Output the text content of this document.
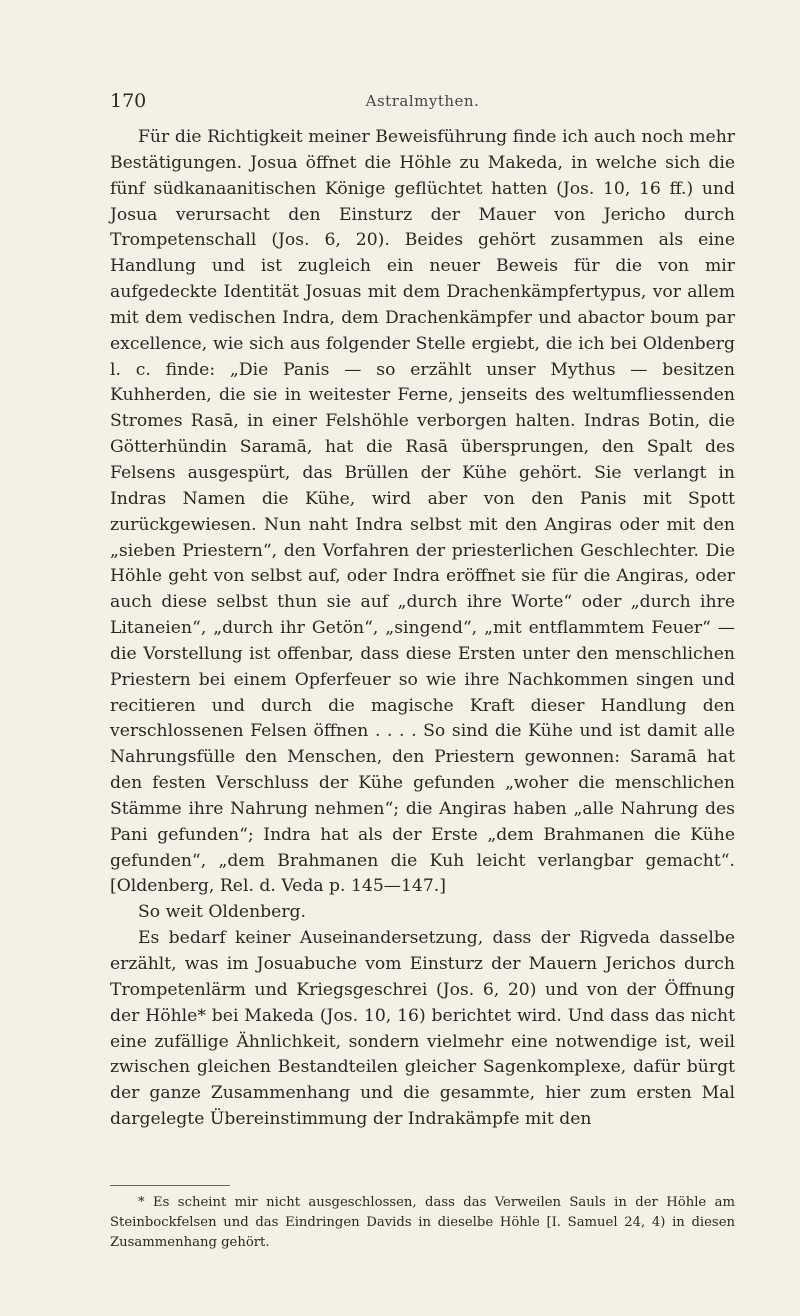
170	Astralmythen.

Für die Richtigkeit meiner Beweisführung finde ich auch noch mehr Bestätigungen. Josua öffnet die Höhle zu Makeda, in welche sich die fünf südkanaanitischen Könige geflüchtet hatten (Jos. 10, 16 ff.) und Josua verursacht den Einsturz der Mauer von Jericho durch Trompetenschall (Jos. 6, 20). Beides gehört zusammen als eine Handlung und ist zugleich ein neuer Beweis für die von mir aufgedeckte Identität Josuas mit dem Drachenkämpfertypus, vor allem mit dem vedischen Indra, dem Drachenkämpfer und abactor boum par excellence, wie sich aus folgender Stelle ergiebt, die ich bei Oldenberg l. c. finde: „Die Panis — so erzählt unser Mythus — besitzen Kuhherden, die sie in weitester Ferne, jenseits des weltumfliessenden Stromes Rasā, in einer Felshöhle verborgen halten. Indras Botin, die Götterhündin Saramā, hat die Rasā übersprungen, den Spalt des Felsens ausgespürt, das Brüllen der Kühe gehört. Sie verlangt in Indras Namen die Kühe, wird aber von den Panis mit Spott zurückgewiesen. Nun naht Indra selbst mit den Angiras oder mit den „sieben Priestern“, den Vorfahren der priesterlichen Geschlechter. Die Höhle geht von selbst auf, oder Indra eröffnet sie für die Angiras, oder auch diese selbst thun sie auf „durch ihre Worte“ oder „durch ihre Litaneien“, „durch ihr Getön“, „singend“, „mit entflammtem Feuer“ — die Vorstellung ist offenbar, dass diese Ersten unter den menschlichen Priestern bei einem Opferfeuer so wie ihre Nachkommen singen und recitieren und durch die magische Kraft dieser Handlung den verschlossenen Felsen öffnen . . . . So sind die Kühe und ist damit alle Nahrungsfülle den Menschen, den Priestern gewonnen: Saramā hat den festen Verschluss der Kühe gefunden „woher die menschlichen Stämme ihre Nahrung nehmen“; die Angiras haben „alle Nahrung des Pani gefunden“; Indra hat als der Erste „dem Brahmanen die Kühe gefunden“, „dem Brahmanen die Kuh leicht verlangbar gemacht“. [Oldenberg, Rel. d. Veda p. 145—147.]

So weit Oldenberg.

Es bedarf keiner Auseinandersetzung, dass der Rigveda dasselbe erzählt, was im Josuabuche vom Einsturz der Mauern Jerichos durch Trompetenlärm und Kriegsgeschrei (Jos. 6, 20) und von der Öffnung der Höhle* bei Makeda (Jos. 10, 16) berichtet wird. Und dass das nicht eine zufällige Ähnlichkeit, sondern vielmehr eine notwendige ist, weil zwischen gleichen Bestandteilen gleicher Sagenkomplexe, dafür bürgt der ganze Zusammenhang und die gesammte, hier zum ersten Mal dargelegte Übereinstimmung der Indrakämpfe mit den

* Es scheint mir nicht ausgeschlossen, dass das Verweilen Sauls in der Höhle am Steinbockfelsen und das Eindringen Davids in dieselbe Höhle [I. Samuel 24, 4) in diesen Zusammenhang gehört.
